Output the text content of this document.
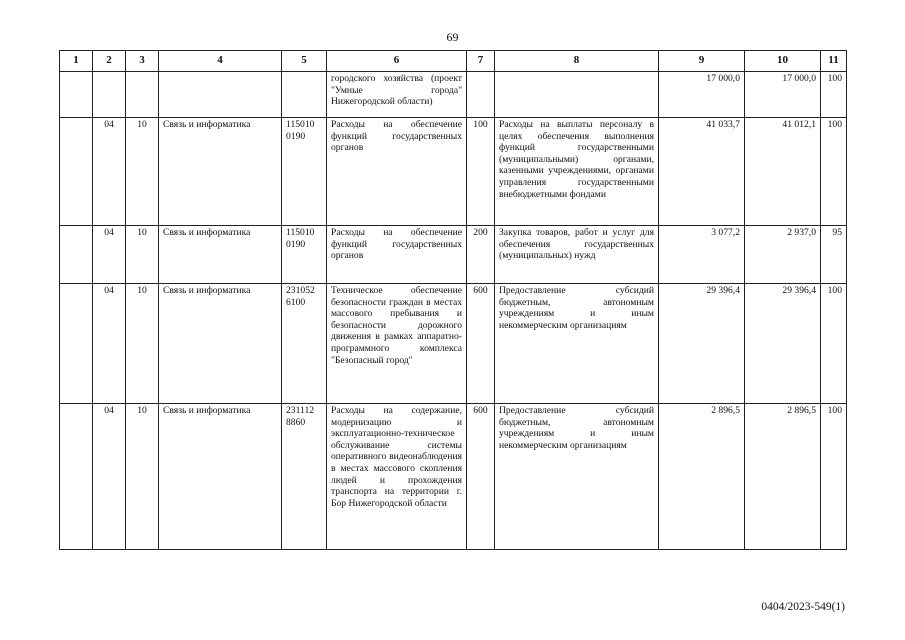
69
1	2	3	4	5	6	7	8	9	10	11
					городского хозяйства (проект "Умные города" Нижегородской области)			17 000,0	17 000,0	100
	04	10	Связь и информатика	115010 0190	Расходы на обеспечение функций государственных органов	100	Расходы на выплаты персоналу в целях обеспечения выполнения функций государственными (муниципальными) органами, казенными учреждениями, органами управления государственными внебюджетными фондами	41 033,7	41 012,1	100
	04	10	Связь и информатика	115010 0190	Расходы на обеспечение функций государственных органов	200	Закупка товаров, работ и услуг для обеспечения государственных (муниципальных) нужд	3 077,2	2 937,0	95
	04	10	Связь и информатика	231052 6100	Техническое обеспечение безопасности граждан в местах массового пребывания и безопасности дорожного движения в рамках аппаратно-программного комплекса "Безопасный город"	600	Предоставление субсидий бюджетным, автономным учреждениям и иным некоммерческим организациям	29 396,4	29 396,4	100
	04	10	Связь и информатика	231112 8860	Расходы на содержание, модернизацию и эксплуатационно-техническое обслуживание системы оперативного видеонаблюдения в местах массового скопления людей и прохождения транспорта на территории г. Бор Нижегородской области	600	Предоставление субсидий бюджетным, автономным учреждениям и иным некоммерческим организациям	2 896,5	2 896,5	100
0404/2023-549(1)
